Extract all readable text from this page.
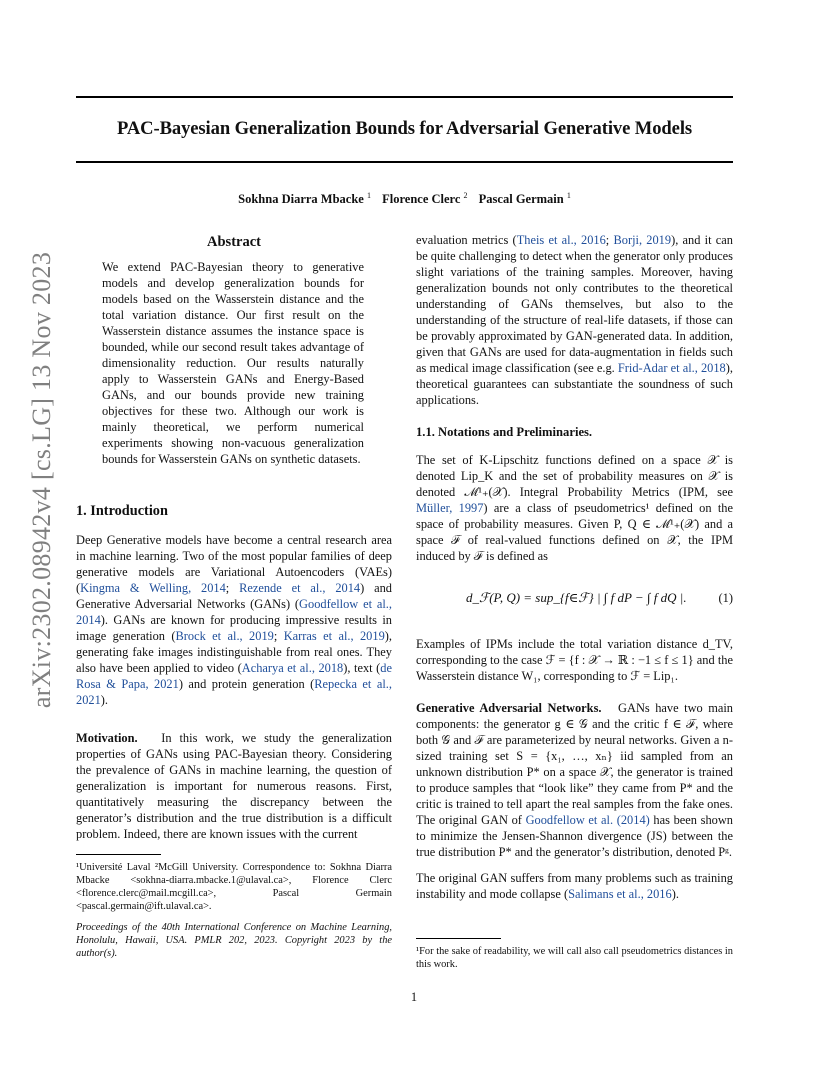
PAC-Bayesian Generalization Bounds for Adversarial Generative Models
Sokhna Diarra Mbacke $^1$ Florence Clerc $^2$ Pascal Germain $^1$
arXiv:2302.08942v4 [cs.LG] 13 Nov 2023
Abstract
We extend PAC-Bayesian theory to generative models and develop generalization bounds for models based on the Wasserstein distance and the total variation distance. Our first result on the Wasserstein distance assumes the instance space is bounded, while our second result takes advantage of dimensionality reduction. Our results naturally apply to Wasserstein GANs and Energy-Based GANs, and our bounds provide new training objectives for these two. Although our work is mainly theoretical, we perform numerical experiments showing non-vacuous generalization bounds for Wasserstein GANs on synthetic datasets.
1. Introduction

Deep Generative models have become a central research area in machine learning. Two of the most popular families of deep generative models are Variational Autoencoders (VAEs) (Kingma & Welling, 2014; Rezende et al., 2014) and Generative Adversarial Networks (GANs) (Goodfellow et al., 2014). GANs are known for producing impressive results in image generation (Brock et al., 2019; Karras et al., 2019), generating fake images indistinguishable from real ones. They also have been applied to video (Acharya et al., 2018), text (de Rosa & Papa, 2021) and protein generation (Repecka et al., 2021).

Motivation. In this work, we study the generalization properties of GANs using PAC-Bayesian theory. Considering the prevalence of GANs in machine learning, the question of generalization is important for numerous reasons. First, quantitatively measuring the discrepancy between the generator’s distribution and the true distribution is a difficult problem. Indeed, there are known issues with the current

¹Université Laval ²McGill University. Correspondence to: Sokhna Diarra Mbacke <sokhna-diarra.mbacke.1@ulaval.ca>, Florence Clerc <florence.clerc@mail.mcgill.ca>, Pascal Germain <pascal.germain@ift.ulaval.ca>.
Proceedings of the 40th International Conference on Machine Learning, Honolulu, Hawaii, USA. PMLR 202, 2023. Copyright 2023 by the author(s).

evaluation metrics (Theis et al., 2016; Borji, 2019), and it can be quite challenging to detect when the generator only produces slight variations of the training samples. Moreover, having generalization bounds not only contributes to the theoretical understanding of GANs themselves, but also to the understanding of the structure of real-life datasets, if those can be provably approximated by GAN-generated data. In addition, given that GANs are used for data-augmentation in fields such as medical image classification (see e.g. Frid-Adar et al., 2018), theoretical guarantees can substantiate the soundness of such applications.

1.1. Notations and Preliminaries.

The set of K-Lipschitz functions defined on a space 𝒳 is denoted Lip_K and the set of probability measures on 𝒳 is denoted ℳ¹₊(𝒳). Integral Probability Metrics (IPM, see Müller, 1997) are a class of pseudometrics¹ defined on the space of probability measures. Given P, Q ∈ ℳ¹₊(𝒳) and a space ℱ of real-valued functions defined on 𝒳, the IPM induced by ℱ is defined as

d_ℱ(P, Q) = sup_{f∈ℱ} | ∫ f dP − ∫ f dQ |.	(1)

Examples of IPMs include the total variation distance d_TV, corresponding to the case ℱ = {f : 𝒳 → ℝ : −1 ≤ f ≤ 1} and the Wasserstein distance W₁, corresponding to ℱ = Lip₁.

Generative Adversarial Networks. GANs have two main components: the generator g ∈ 𝒢 and the critic f ∈ ℱ, where both 𝒢 and ℱ are parameterized by neural networks. Given a n-sized training set S = {x₁, …, xₙ} iid sampled from an unknown distribution P* on a space 𝒳, the generator is trained to produce samples that “look like” they came from P* and the critic is trained to tell apart the real samples from the fake ones. The original GAN of Goodfellow et al. (2014) has been shown to minimize the Jensen-Shannon divergence (JS) between the true distribution P* and the generator’s distribution, denoted Pᵍ.

The original GAN suffers from many problems such as training instability and mode collapse (Salimans et al., 2016).

¹For the sake of readability, we will call also call pseudometrics distances in this work.
1
